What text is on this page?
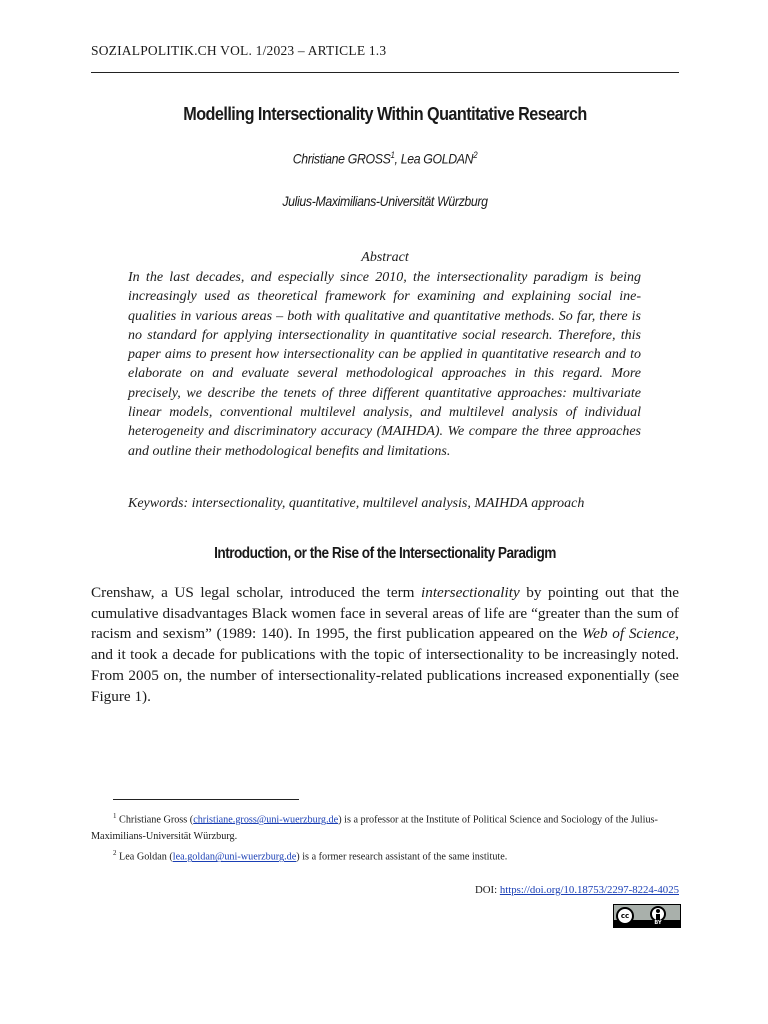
SOZIALPOLITIK.CH VOL. 1/2023 – ARTICLE 1.3
Modelling Intersectionality Within Quantitative Research
Christiane GROSS$^1$, Lea GOLDAN$^2$
Julius-Maximilians-Universität Würzburg
Abstract
In the last decades, and especially since 2010, the intersectionality paradigm is being increasingly used as theoretical framework for examining and explaining social inequalities in various areas – both with qualitative and quantitative methods. So far, there is no standard for applying intersectionality in quantitative social research. Therefore, this paper aims to present how intersectionality can be applied in quantitative research and to elaborate on and evaluate several methodological approaches in this regard. More precisely, we describe the tenets of three different quantitative approaches: multivariate linear models, conventional multilevel analysis, and multilevel analysis of individual heterogeneity and discriminatory accuracy (MAIHDA). We compare the three approaches and outline their methodological benefits and limitations.
Keywords: intersectionality, quantitative, multilevel analysis, MAIHDA approach
Introduction, or the Rise of the Intersectionality Paradigm

Crenshaw, a US legal scholar, introduced the term intersectionality by pointing out that the cumulative disadvantages Black women face in several areas of life are “greater than the sum of racism and sexism” (1989: 140). In 1995, the first publication appeared on the Web of Science, and it took a decade for publications with the topic of intersectionality to be increasingly noted. From 2005 on, the number of intersectionality-related publications increased exponentially (see Figure 1).

$^1$ Christiane Gross (christiane.gross@uni-wuerzburg.de) is a professor at the Institute of Political Science and Sociology of the Julius-Maximilians-Universität Würzburg.
$^2$ Lea Goldan (lea.goldan@uni-wuerzburg.de) is a former research assistant of the same institute.
DOI: https://doi.org/10.18753/2297-8224-4025
cc
BY
